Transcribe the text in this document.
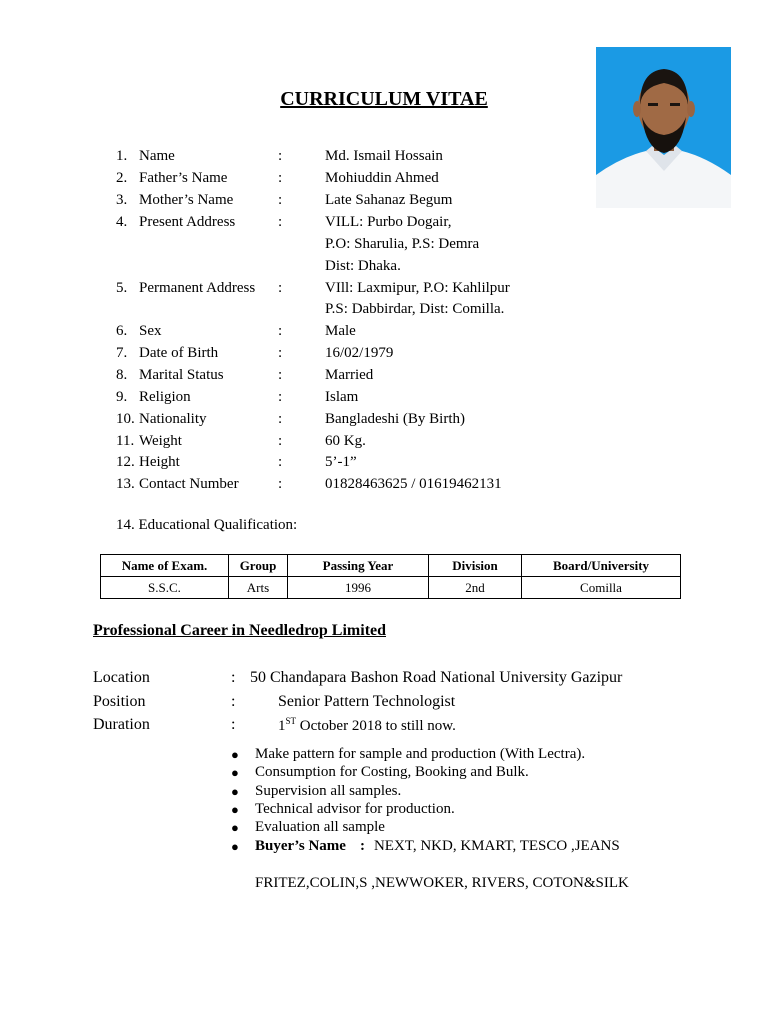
CURRICULUM VITAE
1. Name	:	Md. Ismail Hossain
2. Father’s Name	:	Mohiuddin Ahmed
3. Mother’s Name	:	Late Sahanaz Begum
4. Present Address	:	VILL: Purbo Dogair,
P.O: Sharulia, P.S: Demra
Dist: Dhaka.
5. Permanent Address :	VIll: Laxmipur, P.O: Kahlilpur
P.S: Dabbirdar, Dist: Comilla.
6. Sex	:	Male
7. Date of Birth	:	16/02/1979
8. Marital Status	:	Married
9. Religion	:	Islam
10. Nationality	:	Bangladeshi (By Birth)
11. Weight	:	60 Kg.
12. Height	:	5’-1”
13. Contact Number	:	01828463625 / 01619462131
14. Educational Qualification:
Name of Exam.	Group	Passing Year	Division	Board/University
S.S.C.	Arts	1996	2nd	Comilla
Professional Career in Needledrop Limited
Location	: 50 Chandapara Bashon Road National University Gazipur
Position	:	Senior Pattern Technologist
Duration	:	1ST October 2018 to still now.
● Make pattern for sample and production (With Lectra).
● Consumption for Costing, Booking and Bulk.
● Supervision all samples.
● Technical advisor for production.
● Evaluation all sample
● Buyer’s Name : NEXT, NKD, KMART, TESCO ,JEANS
FRITEZ,COLIN,S ,NEWWOKER, RIVERS, COTON&SILK
